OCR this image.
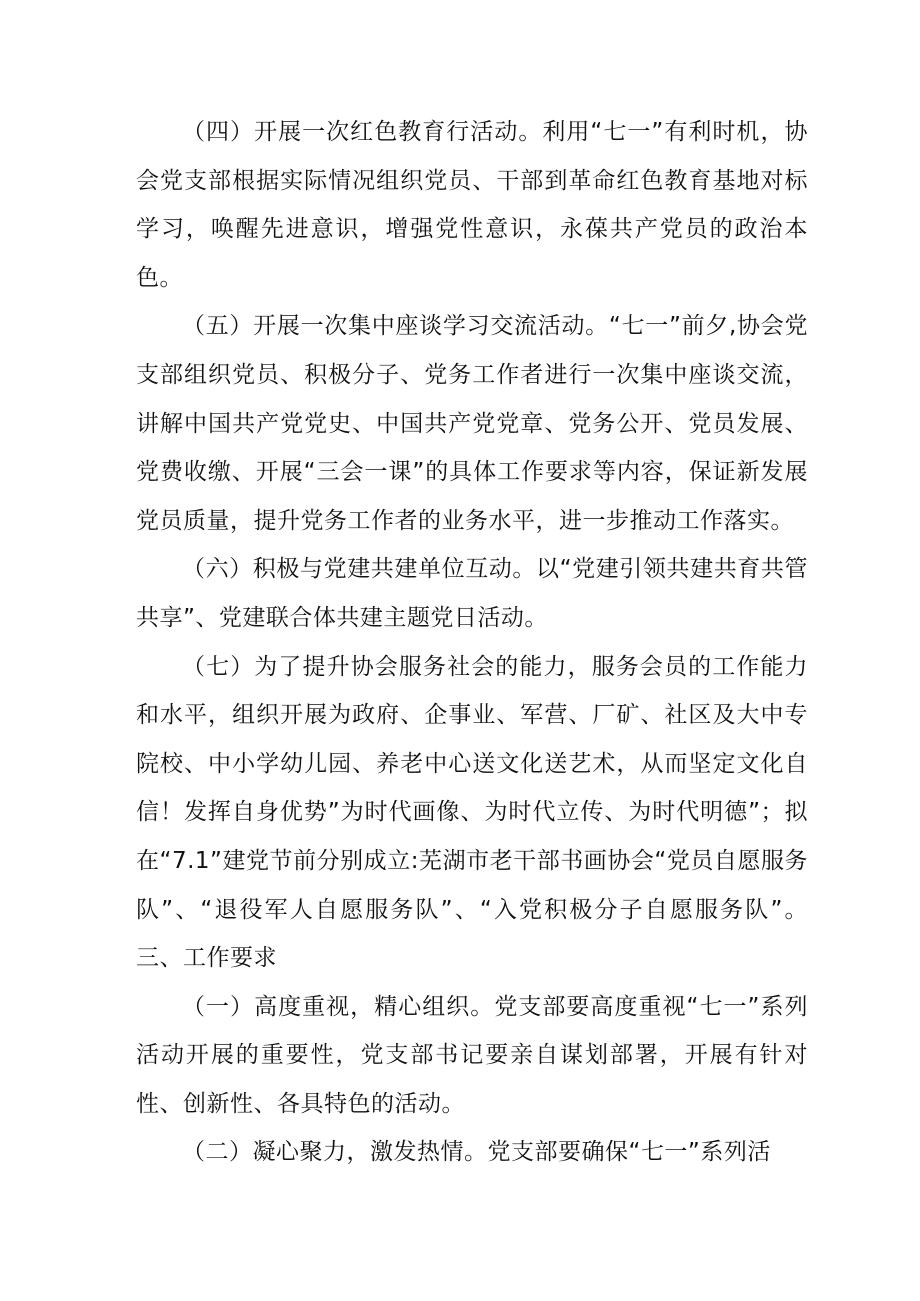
（四）开展一次红色教育行活动。利用“七一”有利时机，协会党支部根据实际情况组织党员、干部到革命红色教育基地对标学习，唤醒先进意识，增强党性意识，永葆共产党员的政治本色。

（五）开展一次集中座谈学习交流活动。“七一”前夕,协会党支部组织党员、积极分子、党务工作者进行一次集中座谈交流，讲解中国共产党党史、中国共产党党章、党务公开、党员发展、党费收缴、开展“三会一课”的具体工作要求等内容，保证新发展党员质量，提升党务工作者的业务水平，进一步推动工作落实。

（六）积极与党建共建单位互动。以“党建引领共建共育共管共享”、党建联合体共建主题党日活动。

（七）为了提升协会服务社会的能力，服务会员的工作能力和水平，组织开展为政府、企事业、军营、厂矿、社区及大中专院校、中小学幼儿园、养老中心送文化送艺术，从而坚定文化自信！发挥自身优势”为时代画像、为时代立传、为时代明德”；拟在“7.1”建党节前分别成立:芜湖市老干部书画协会“党员自愿服务队”、“退役军人自愿服务队”、“入党积极分子自愿服务队”。三、工作要求

（一）高度重视，精心组织。党支部要高度重视“七一”系列活动开展的重要性，党支部书记要亲自谋划部署，开展有针对性、创新性、各具特色的活动。

（二）凝心聚力，激发热情。党支部要确保“七一”系列活
